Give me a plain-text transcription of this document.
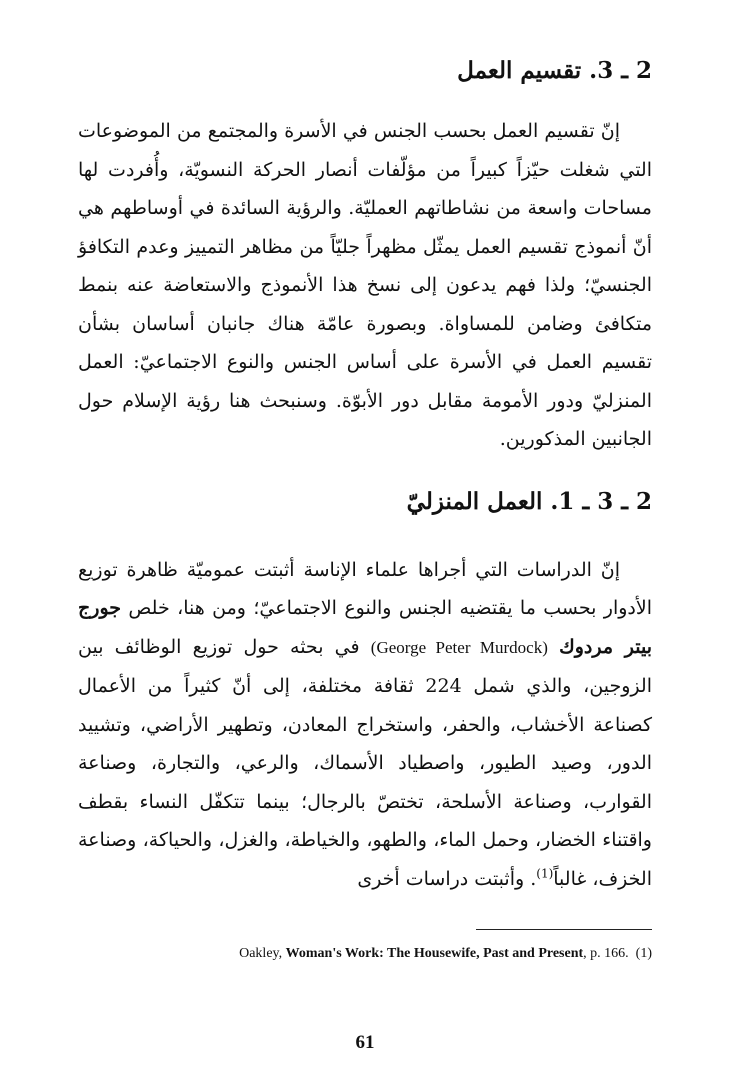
2 ـ 3. تقسيم العمل

إنّ تقسيم العمل بحسب الجنس في الأسرة والمجتمع من الموضوعات التي شغلت حيّزاً كبيراً من مؤلّفات أنصار الحركة النسويّة، وأُفردت لها مساحات واسعة من نشاطاتهم العمليّة. والرؤية السائدة في أوساطهم هي أنّ أنموذج تقسيم العمل يمثّل مظهراً جليّاً من مظاهر التمييز وعدم التكافؤ الجنسيّ؛ ولذا فهم يدعون إلى نسخ هذا الأنموذج والاستعاضة عنه بنمط متكافئ وضامن للمساواة. وبصورة عامّة هناك جانبان أساسان بشأن تقسيم العمل في الأسرة على أساس الجنس والنوع الاجتماعيّ: العمل المنزليّ ودور الأمومة مقابل دور الأبوّة. وسنبحث هنا رؤية الإسلام حول الجانبين المذكورين.

2 ـ 3 ـ 1. العمل المنزليّ

إنّ الدراسات التي أجراها علماء الإناسة أثبتت عموميّة ظاهرة توزيع الأدوار بحسب ما يقتضيه الجنس والنوع الاجتماعيّ؛ ومن هنا، خلص جورج بيتر مردوك (George Peter Murdock) في بحثه حول توزيع الوظائف بين الزوجين، والذي شمل 224 ثقافة مختلفة، إلى أنّ كثيراً من الأعمال كصناعة الأخشاب، والحفر، واستخراج المعادن، وتطهير الأراضي، وتشييد الدور، وصيد الطيور، واصطياد الأسماك، والرعي، والتجارة، وصناعة القوارب، وصناعة الأسلحة، تختصّ بالرجال؛ بينما تتكفّل النساء بقطف واقتناء الخضار، وحمل الماء، والطهو، والخياطة، والغزل، والحياكة، وصناعة الخزف، غالباً$^{(1)}$. وأثبتت دراسات أخرى

Oakley, Woman's Work: The Housewife, Past and Present, p. 166. (1)
61
